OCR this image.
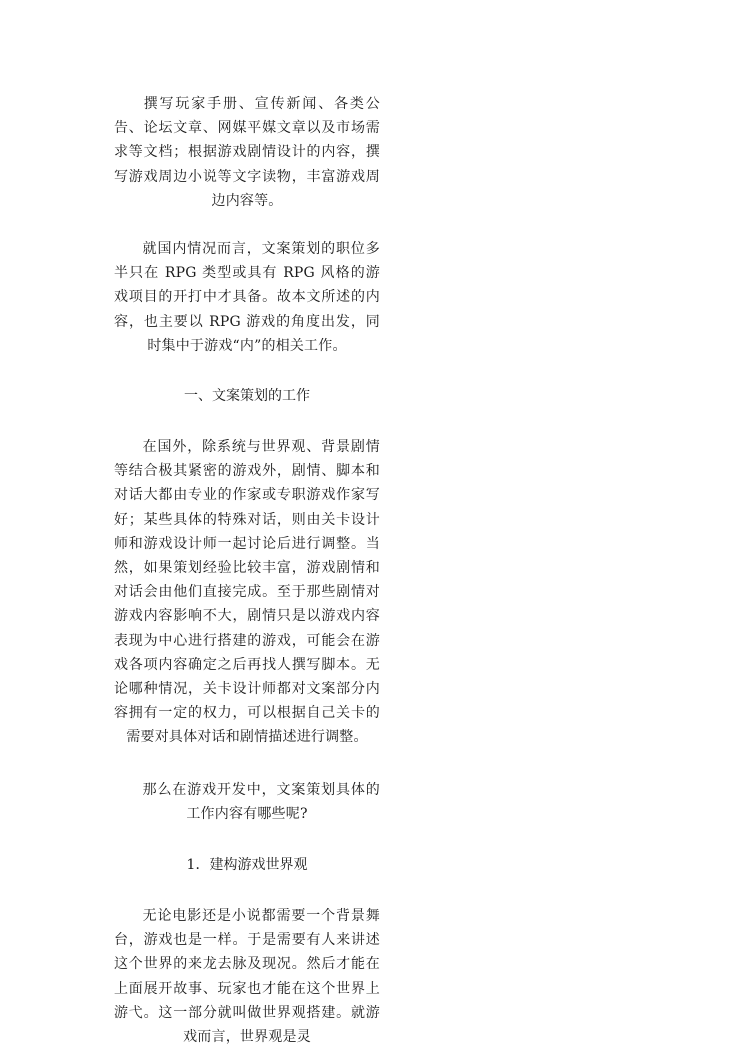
撰写玩家手册、宣传新闻、各类公告、论坛文章、网媒平媒文章以及市场需求等文档；根据游戏剧情设计的内容，撰写游戏周边小说等文字读物，丰富游戏周边内容等。

就国内情况而言，文案策划的职位多半只在 RPG 类型或具有 RPG 风格的游戏项目的开打中才具备。故本文所述的内容，也主要以 RPG 游戏的角度出发，同时集中于游戏“内”的相关工作。

一、文案策划的工作

在国外，除系统与世界观、背景剧情等结合极其紧密的游戏外，剧情、脚本和对话大都由专业的作家或专职游戏作家写好；某些具体的特殊对话，则由关卡设计师和游戏设计师一起讨论后进行调整。当然，如果策划经验比较丰富，游戏剧情和对话会由他们直接完成。至于那些剧情对游戏内容影响不大，剧情只是以游戏内容表现为中心进行搭建的游戏，可能会在游戏各项内容确定之后再找人撰写脚本。无论哪种情况，关卡设计师都对文案部分内容拥有一定的权力，可以根据自己关卡的需要对具体对话和剧情描述进行调整。

那么在游戏开发中，文案策划具体的工作内容有哪些呢?

1．建构游戏世界观

无论电影还是小说都需要一个背景舞台，游戏也是一样。于是需要有人来讲述这个世界的来龙去脉及现况。然后才能在上面展开故事、玩家也才能在这个世界上游弋。这一部分就叫做世界观搭建。就游戏而言，世界观是灵
